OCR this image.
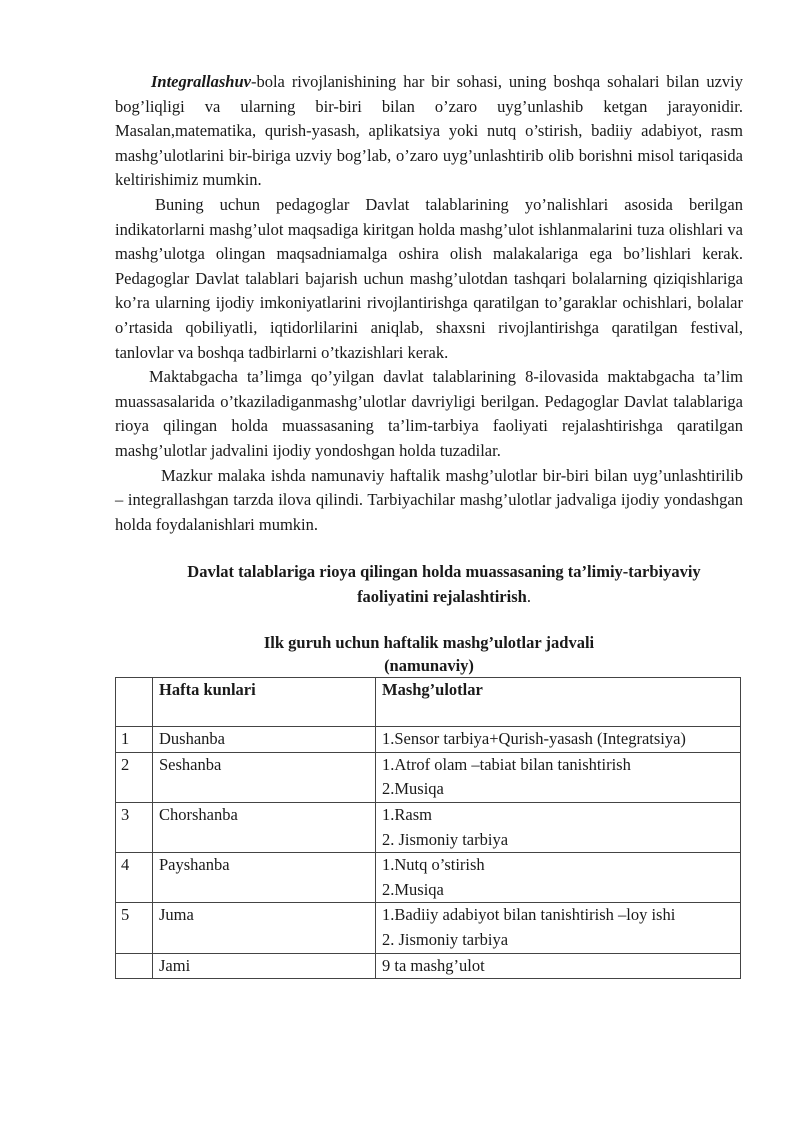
Integrallashuv-bola rivojlanishining har bir sohasi, uning boshqa sohalari bilan uzviy bog’liqligi va ularning bir-biri bilan o’zaro uyg’unlashib ketgan jarayonidir. Masalan,matematika, qurish-yasash, aplikatsiya yoki nutq o’stirish, badiiy adabiyot, rasm mashg’ulotlarini bir-biriga uzviy bog’lab, o’zaro uyg’unlashtirib olib borishni misol tariqasida keltirishimiz mumkin.

Buning uchun pedagoglar Davlat talablarining yo’nalishlari asosida berilgan indikatorlarni mashg’ulot maqsadiga kiritgan holda mashg’ulot ishlanmalarini tuza olishlari va mashg’ulotga olingan maqsadniamalga oshira olish malakalariga ega bo’lishlari kerak. Pedagoglar Davlat talablari bajarish uchun mashg’ulotdan tashqari bolalarning qiziqishlariga ko’ra ularning ijodiy imkoniyatlarini rivojlantirishga qaratilgan to’garaklar ochishlari, bolalar o’rtasida qobiliyatli, iqtidorlilarini aniqlab, shaxsni rivojlantirishga qaratilgan festival, tanlovlar va boshqa tadbirlarni o’tkazishlari kerak.

Maktabgacha ta’limga qo’yilgan davlat talablarining 8-ilovasida maktabgacha ta’lim muassasalarida o’tkaziladiganmashg’ulotlar davriyligi berilgan. Pedagoglar Davlat talablariga rioya qilingan holda muassasaning ta’lim-tarbiya faoliyati rejalashtirishga qaratilgan mashg’ulotlar jadvalini ijodiy yondoshgan holda tuzadilar.

Mazkur malaka ishda namunaviy haftalik mashg’ulotlar bir-biri bilan uyg’unlashtirilib – integrallashgan tarzda ilova qilindi. Tarbiyachilar mashg’ulotlar jadvaliga ijodiy yondashgan holda foydalanishlari mumkin.

Davlat talablariga rioya qilingan holda muassasaning ta’limiy-tarbiyaviy
faoliyatini rejalashtirish.
Ilk guruh uchun haftalik mashg’ulotlar jadvali
(namunaviy)
	Hafta kunlari	Mashg’ulotlar
1	Dushanba	1.Sensor tarbiya+Qurish-yasash (Integratsiya)

2	Seshanba	1.Atrof olam –tabiat bilan tanishtirish
2.Musiqa

3	Chorshanba	1.Rasm
2. Jismoniy tarbiya

4	Payshanba	1.Nutq o’stirish
2.Musiqa

5	Juma	1.Badiiy adabiyot bilan tanishtirish –loy ishi
2. Jismoniy tarbiya

	Jami	9 ta mashg’ulot
